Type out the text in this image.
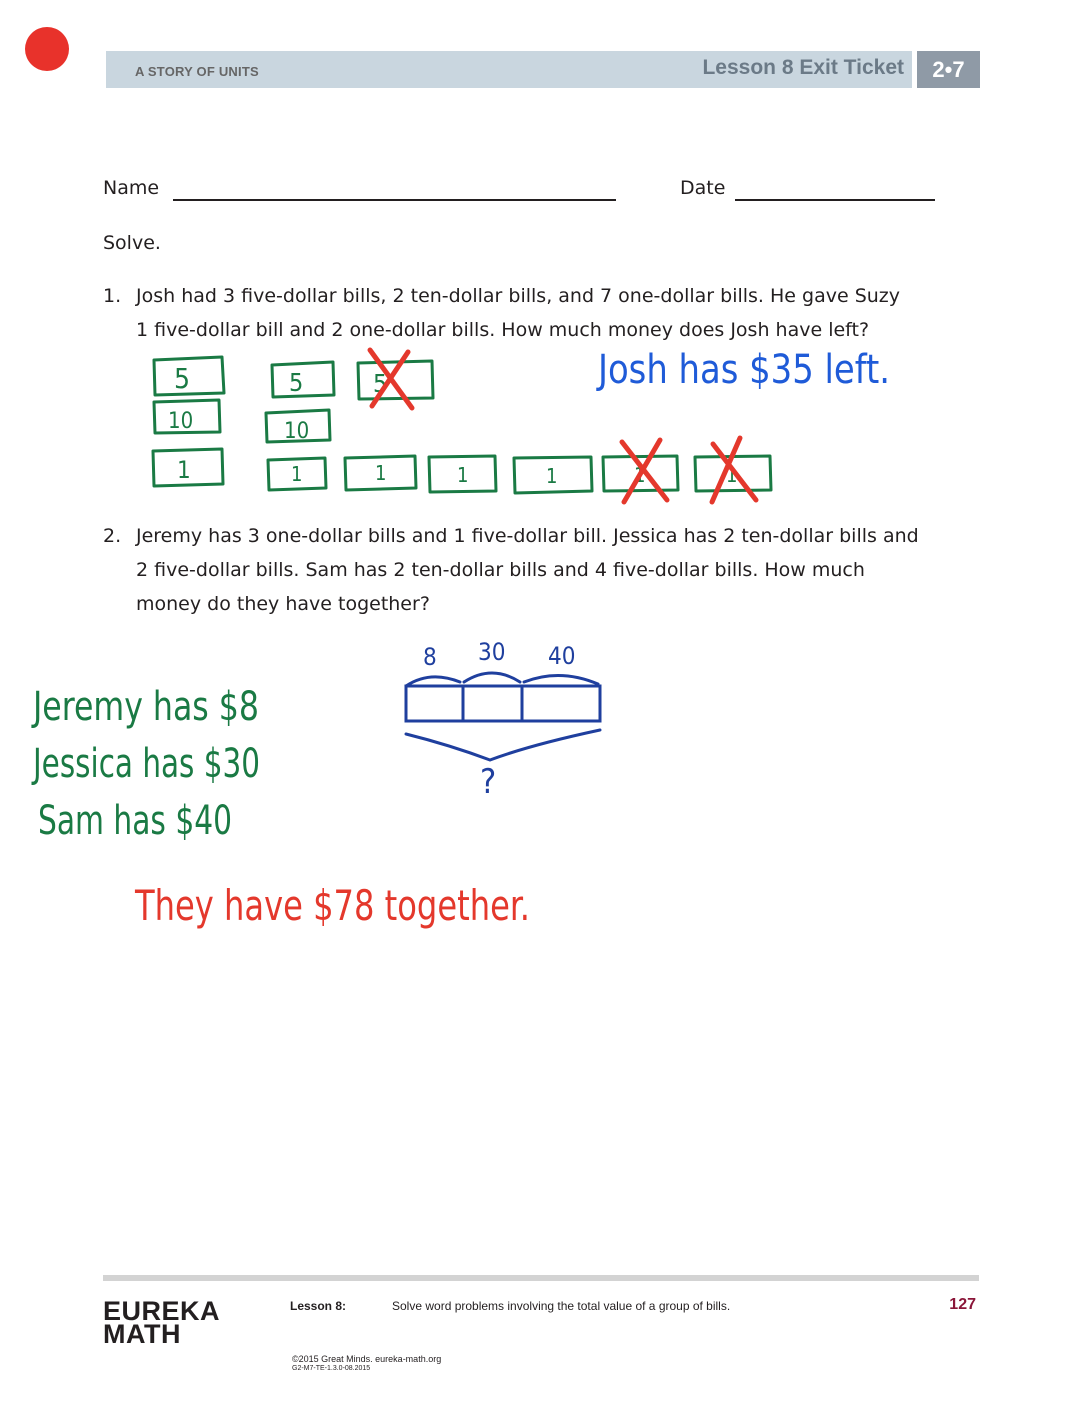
A STORY OF UNITS	Lesson 8 Exit Ticket	2•7
Name	Date
Solve.
1. Josh had 3 five-dollar bills, 2 ten-dollar bills, and 7 one-dollar bills. He gave Suzy
1 five-dollar bill and 2 one-dollar bills. How much money does Josh have left?
2. Jeremy has 3 one-dollar bills and 1 five-dollar bill. Jessica has 2 ten-dollar bills and
2 five-dollar bills. Sam has 2 ten-dollar bills and 4 five-dollar bills. How much
money do they have together?
5	5	5
10	10
1	1	1	1	1	1	1
Josh has $35 left.
8 30 40
?
Jeremy has $8
Jessica has $30
Sam has $40
They have $78 together.
EUREKA
MATH
Lesson 8:	Solve word problems involving the total value of a group of bills.	127
©2015 Great Minds. eureka-math.org
G2-M7-TE-1.3.0-08.2015
